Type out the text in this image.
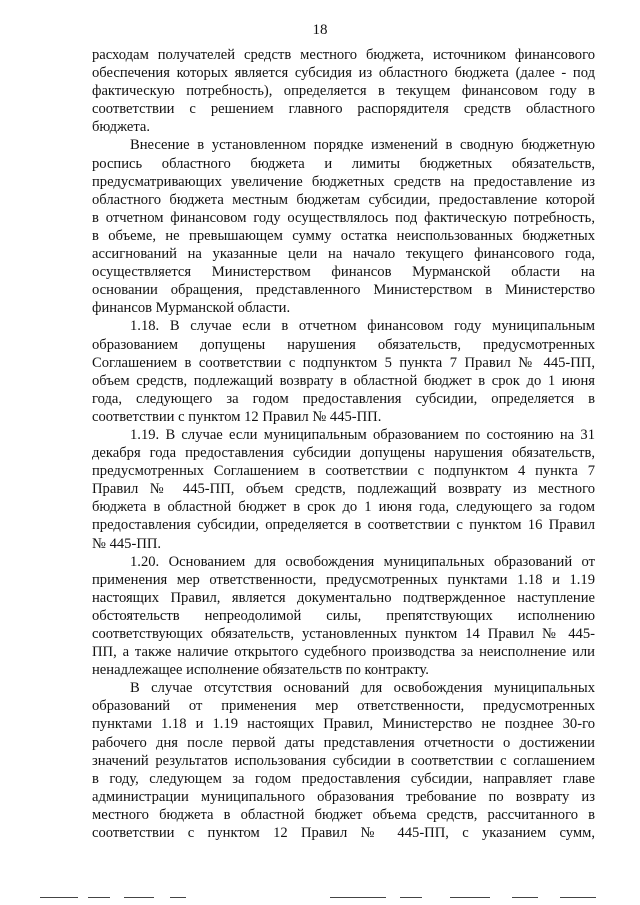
18
расходам получателей средств местного бюджета, источником финансового
обеспечения которых является субсидия из областного бюджета (далее - под
фактическую потребность), определяется в текущем финансовом году в
соответствии с решением главного распорядителя средств областного
бюджета.
Внесение в установленном порядке изменений в сводную бюджетную
роспись областного бюджета и лимиты бюджетных обязательств,
предусматривающих увеличение бюджетных средств на предоставление из
областного бюджета местным бюджетам субсидии, предоставление которой
в отчетном финансовом году осуществлялось под фактическую потребность,
в объеме, не превышающем сумму остатка неиспользованных бюджетных
ассигнований на указанные цели на начало текущего финансового года,
осуществляется Министерством финансов Мурманской области на
основании обращения, представленного Министерством в Министерство
финансов Мурманской области.
1.18. В случае если в отчетном финансовом году муниципальным
образованием допущены нарушения обязательств, предусмотренных
Соглашением в соответствии с подпунктом 5 пункта 7 Правил № 445-ПП,
объем средств, подлежащий возврату в областной бюджет в срок до 1 июня
года, следующего за годом предоставления субсидии, определяется в
соответствии с пунктом 12 Правил № 445-ПП.
1.19. В случае если муниципальным образованием по состоянию на 31
декабря года предоставления субсидии допущены нарушения обязательств,
предусмотренных Соглашением в соответствии с подпунктом 4 пункта 7
Правил № 445-ПП, объем средств, подлежащий возврату из местного
бюджета в областной бюджет в срок до 1 июня года, следующего за годом
предоставления субсидии, определяется в соответствии с пунктом 16 Правил
№ 445-ПП.
1.20. Основанием для освобождения муниципальных образований от
применения мер ответственности, предусмотренных пунктами 1.18 и 1.19
настоящих Правил, является документально подтвержденное наступление
обстоятельств непреодолимой силы, препятствующих исполнению
соответствующих обязательств, установленных пунктом 14 Правил № 445-
ПП, а также наличие открытого судебного производства за неисполнение или
ненадлежащее исполнение обязательств по контракту.
В случае отсутствия оснований для освобождения муниципальных
образований от применения мер ответственности, предусмотренных
пунктами 1.18 и 1.19 настоящих Правил, Министерство не позднее 30-го
рабочего дня после первой даты представления отчетности о достижении
значений результатов использования субсидии в соответствии с соглашением
в году, следующем за годом предоставления субсидии, направляет главе
администрации муниципального образования требование по возврату из
местного бюджета в областной бюджет объема средств, рассчитанного в
соответствии с пунктом 12 Правил № 445-ПП, с указанием сумм,
